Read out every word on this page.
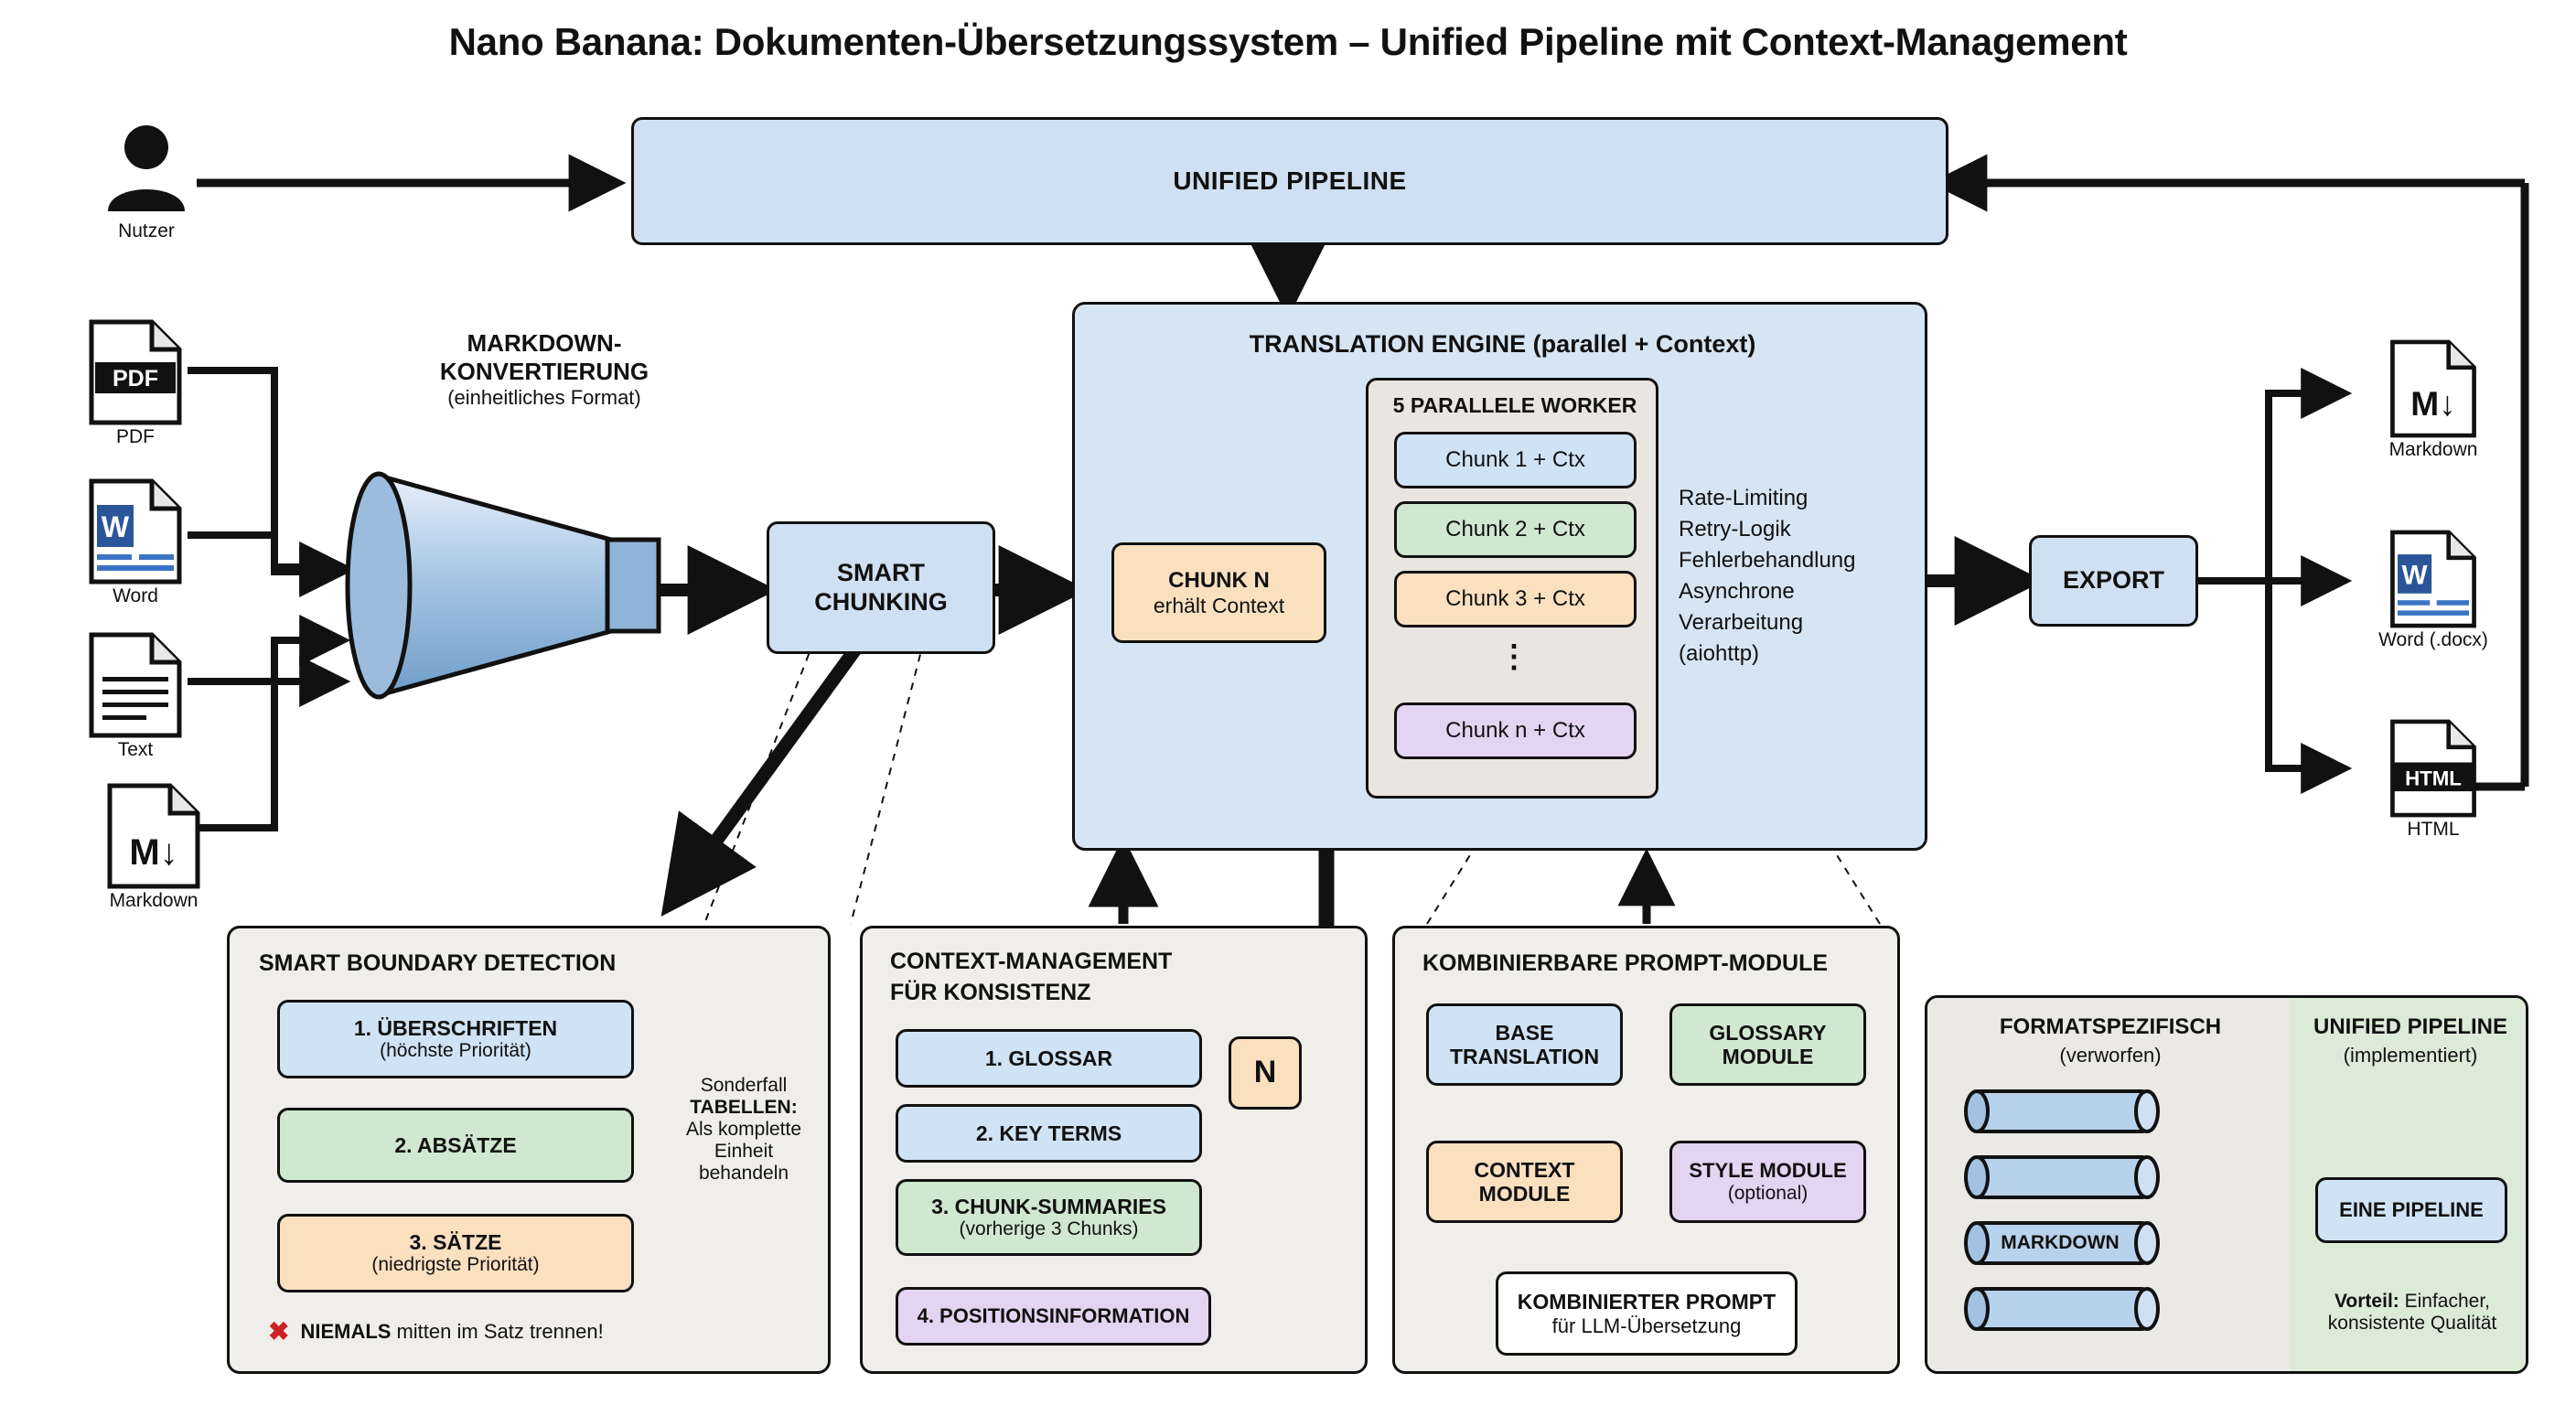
Nano Banana: Dokumenten-Übersetzungssystem – Unified Pipeline mit Context-Management
Nutzer
PDF
PDF
W
Word
Text
M↓
Markdown
MARKDOWN-
KONVERTIERUNG
(einheitliches Format)
UNIFIED PIPELINE
SMART
CHUNKING
TRANSLATION ENGINE (parallel + Context)
CHUNK N
erhält Context
5 PARALLELE WORKER
Chunk 1 + Ctx
Chunk 2 + Ctx
Chunk 3 + Ctx
⋮
Chunk n + Ctx
Rate-Limiting
Retry-Logik
Fehlerbehandlung
Asynchrone
Verarbeitung
(aiohttp)
EXPORT
M↓
Markdown
W
Word (.docx)
HTML
HTML
SMART BOUNDARY DETECTION
1. ÜBERSCHRIFTEN
(höchste Priorität)
2. ABSÄTZE
3. SÄTZE
(niedrigste Priorität)
Sonderfall
TABELLEN:
Als komplette
Einheit
behandeln
✖ NIEMALS mitten im Satz trennen!
CONTEXT-MANAGEMENT
FÜR KONSISTENZ
1. GLOSSAR
2. KEY TERMS
3. CHUNK-SUMMARIES
(vorherige 3 Chunks)
4. POSITIONSINFORMATION
N
KOMBINIERBARE PROMPT-MODULE
BASE
TRANSLATION
GLOSSARY
MODULE
CONTEXT
MODULE
STYLE MODULE
(optional)
KOMBINIERTER PROMPT
für LLM-Übersetzung
FORMATSPEZIFISCH
(verworfen)
UNIFIED PIPELINE
(implementiert)
MARKDOWN
EINE PIPELINE
Vorteil: Einfacher,
konsistente Qualität
